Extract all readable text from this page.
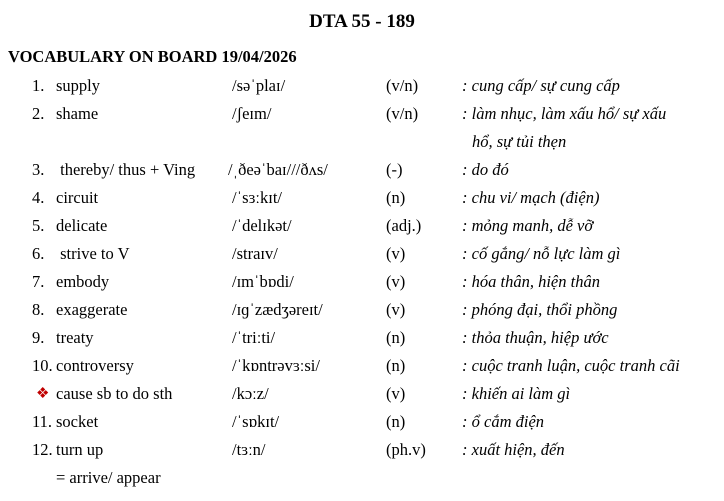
DTA 55 - 189
VOCABULARY ON BOARD 19/04/2026
1. supply	/səˈplaɪ/	(v/n)	: cung cấp/ sự cung cấp
2. shame	/ʃeɪm/	(v/n)	: làm nhục, làm xấu hổ/ sự xấu
hổ, sự tủi thẹn
3. thereby/ thus + Ving /ˌðeəˈbaɪ///ðʌs/	(-)	: do đó
4. circuit	/ˈsɜːkɪt/	(n)	: chu vi/ mạch (điện)
5. delicate	/ˈdelɪkət/	(adj.) : mỏng manh, dễ vỡ
6. strive to V	/straɪv/	(v)	: cố gắng/ nỗ lực làm gì
7. embody	/ɪmˈbɒdi/	(v)	: hóa thân, hiện thân
8. exaggerate	/ɪɡˈzædʒəreɪt/	(v)	: phóng đại, thổi phồng
9. treaty	/ˈtriːti/	(n)	: thỏa thuận, hiệp ước
10. controversy	/ˈkɒntrəvɜːsi/	(n)	: cuộc tranh luận, cuộc tranh cãi
❖ cause sb to do sth	/kɔːz/	(v)	: khiến ai làm gì
11. socket	/ˈsɒkɪt/	(n)	: ổ cắm điện
12. turn up	/tɜːn/	(ph.v) : xuất hiện, đến
= arrive/ appear
